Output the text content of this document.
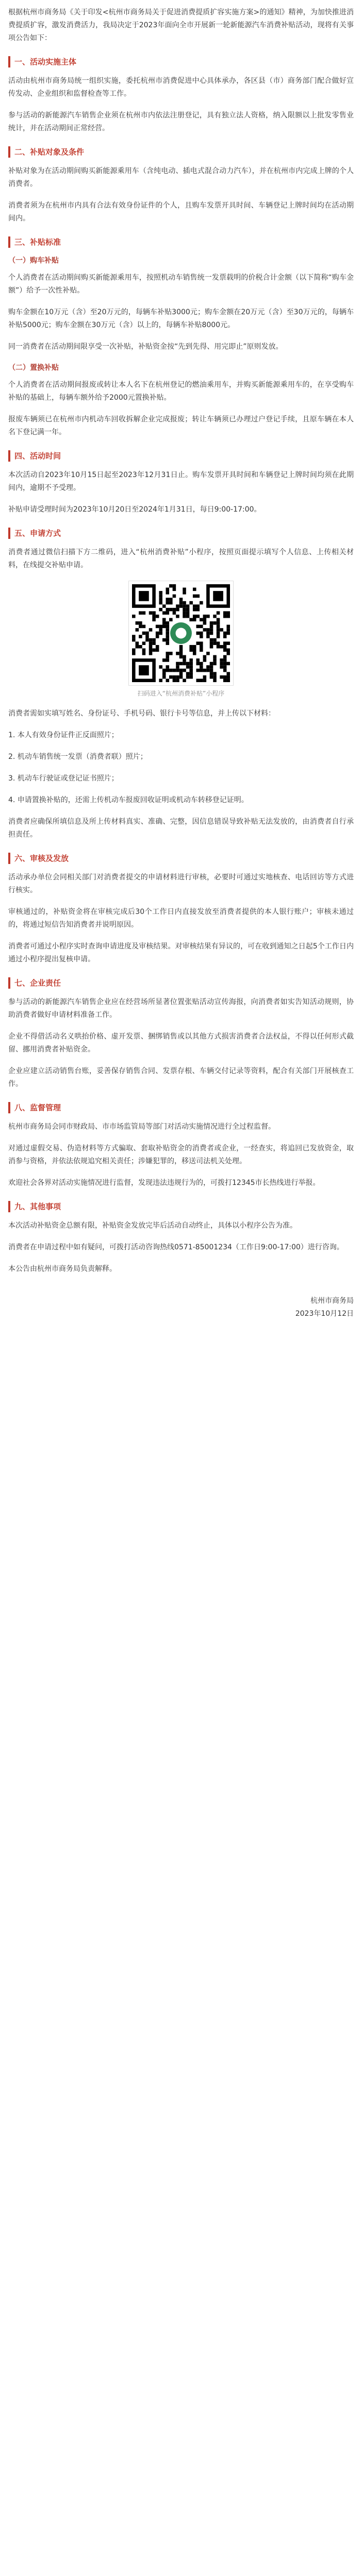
根据杭州市商务局《关于印发<杭州市商务局关于促进消费提质扩容实施方案>的通知》精神，为加快推进消费提质扩容，激发消费活力，我局决定于2023年面向全市开展新一轮新能源汽车消费补贴活动，现将有关事项公告如下：

一、活动实施主体

活动由杭州市商务局统一组织实施，委托杭州市消费促进中心具体承办，各区县（市）商务部门配合做好宣传发动、企业组织和监督检查等工作。

参与活动的新能源汽车销售企业须在杭州市内依法注册登记，具有独立法人资格，纳入限额以上批发零售业统计，并在活动期间正常经营。

二、补贴对象及条件

补贴对象为在活动期间购买新能源乘用车（含纯电动、插电式混合动力汽车），并在杭州市内完成上牌的个人消费者。

消费者须为在杭州市内具有合法有效身份证件的个人，且购车发票开具时间、车辆登记上牌时间均在活动期间内。

三、补贴标准
（一）购车补贴

个人消费者在活动期间购买新能源乘用车，按照机动车销售统一发票载明的价税合计金额（以下简称“购车金额”）给予一次性补贴。

购车金额在10万元（含）至20万元的，每辆车补贴3000元；购车金额在20万元（含）至30万元的，每辆车补贴5000元；购车金额在30万元（含）以上的，每辆车补贴8000元。

同一消费者在活动期间限享受一次补贴，补贴资金按“先到先得、用完即止”原则发放。

（二）置换补贴

个人消费者在活动期间报废或转让本人名下在杭州登记的燃油乘用车，并购买新能源乘用车的，在享受购车补贴的基础上，每辆车额外给予2000元置换补贴。

报废车辆须已在杭州市内机动车回收拆解企业完成报废；转让车辆须已办理过户登记手续，且原车辆在本人名下登记满一年。

四、活动时间

本次活动自2023年10月15日起至2023年12月31日止。购车发票开具时间和车辆登记上牌时间均须在此期间内，逾期不予受理。

补贴申请受理时间为2023年10月20日至2024年1月31日，每日9:00-17:00。

五、申请方式

消费者通过微信扫描下方二维码，进入“杭州消费补贴”小程序，按照页面提示填写个人信息、上传相关材料，在线提交补贴申请。

扫码进入“杭州消费补贴”小程序

消费者需如实填写姓名、身份证号、手机号码、银行卡号等信息，并上传以下材料：

1. 本人有效身份证件正反面照片；

2. 机动车销售统一发票（消费者联）照片；

3. 机动车行驶证或登记证书照片；

4. 申请置换补贴的，还需上传机动车报废回收证明或机动车转移登记证明。

消费者应确保所填信息及所上传材料真实、准确、完整，因信息错误导致补贴无法发放的，由消费者自行承担责任。

六、审核及发放

活动承办单位会同相关部门对消费者提交的申请材料进行审核，必要时可通过实地核查、电话回访等方式进行核实。

审核通过的，补贴资金将在审核完成后30个工作日内直接发放至消费者提供的本人银行账户；审核未通过的，将通过短信告知消费者并说明原因。

消费者可通过小程序实时查询申请进度及审核结果。对审核结果有异议的，可在收到通知之日起5个工作日内通过小程序提出复核申请。

七、企业责任

参与活动的新能源汽车销售企业应在经营场所显著位置张贴活动宣传海报，向消费者如实告知活动规则，协助消费者做好申请材料准备工作。

企业不得借活动名义哄抬价格、虚开发票、捆绑销售或以其他方式损害消费者合法权益，不得以任何形式截留、挪用消费者补贴资金。

企业应建立活动销售台账，妥善保存销售合同、发票存根、车辆交付记录等资料，配合有关部门开展核查工作。

八、监督管理

杭州市商务局会同市财政局、市市场监管局等部门对活动实施情况进行全过程监督。

对通过虚假交易、伪造材料等方式骗取、套取补贴资金的消费者或企业，一经查实，将追回已发放资金，取消参与资格，并依法依规追究相关责任；涉嫌犯罪的，移送司法机关处理。

欢迎社会各界对活动实施情况进行监督，发现违法违规行为的，可拨打12345市长热线进行举报。

九、其他事项

本次活动补贴资金总额有限，补贴资金发放完毕后活动自动终止，具体以小程序公告为准。

消费者在申请过程中如有疑问，可拨打活动咨询热线0571-85001234（工作日9:00-17:00）进行咨询。

本公告由杭州市商务局负责解释。

杭州市商务局

2023年10月12日
